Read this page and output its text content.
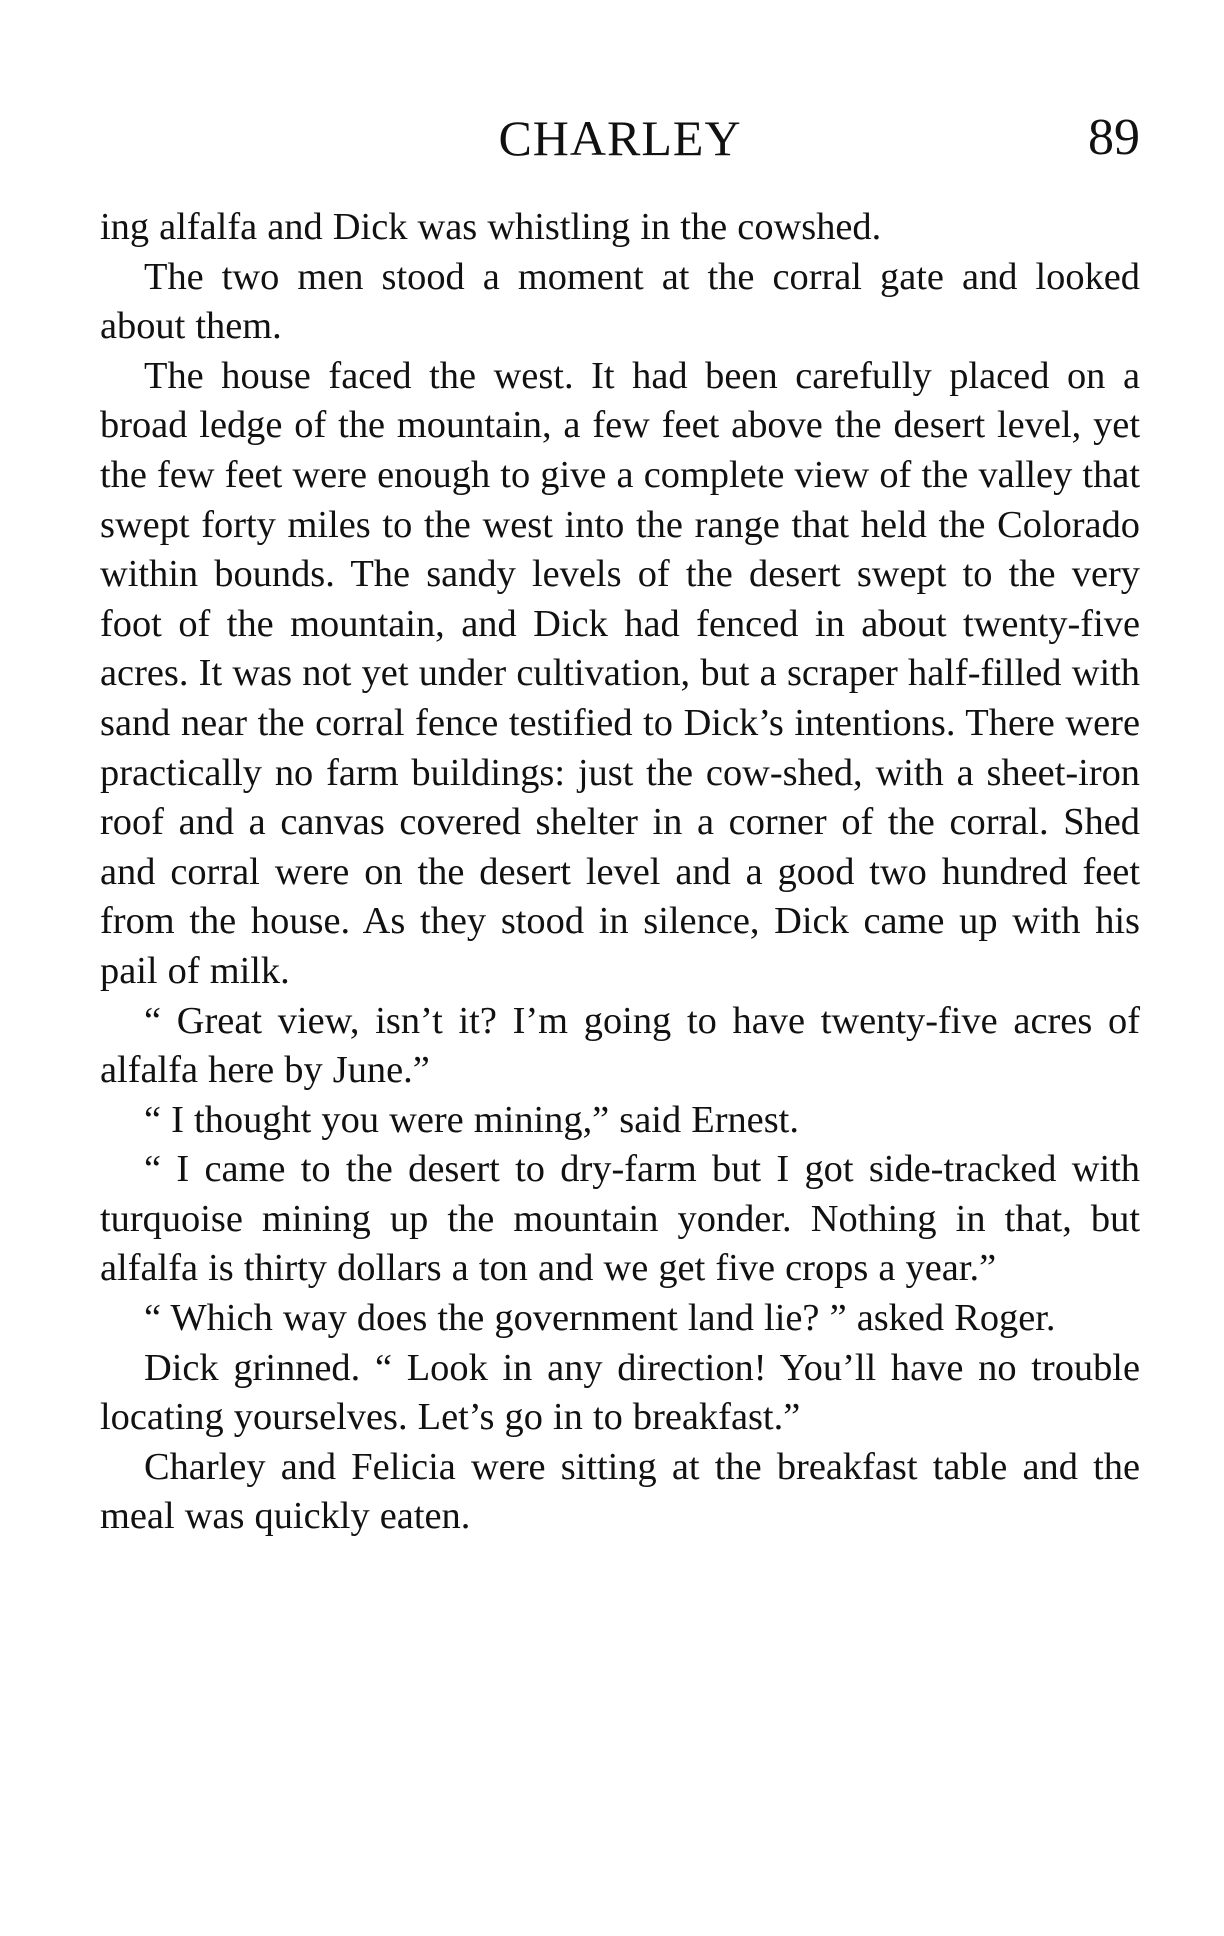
CHARLEY	89

ing alfalfa and Dick was whistling in the cowshed.

The two men stood a moment at the corral gate and looked about them.

The house faced the west. It had been carefully placed on a broad ledge of the mountain, a few feet above the desert level, yet the few feet were enough to give a complete view of the valley that swept forty miles to the west into the range that held the Colorado within bounds. The sandy levels of the desert swept to the very foot of the mountain, and Dick had fenced in about twenty-five acres. It was not yet under cultivation, but a scraper half-filled with sand near the corral fence testified to Dick’s intentions. There were practically no farm buildings: just the cow-shed, with a sheet-iron roof and a canvas covered shelter in a corner of the corral. Shed and corral were on the desert level and a good two hundred feet from the house. As they stood in silence, Dick came up with his pail of milk.

“ Great view, isn’t it? I’m going to have twenty-five acres of alfalfa here by June.”

“ I thought you were mining,” said Ernest.

“ I came to the desert to dry-farm but I got side-tracked with turquoise mining up the mountain yonder. Nothing in that, but alfalfa is thirty dollars a ton and we get five crops a year.”

“ Which way does the government land lie? ” asked Roger.

Dick grinned. “ Look in any direction! You’ll have no trouble locating yourselves. Let’s go in to breakfast.”

Charley and Felicia were sitting at the breakfast table and the meal was quickly eaten.
